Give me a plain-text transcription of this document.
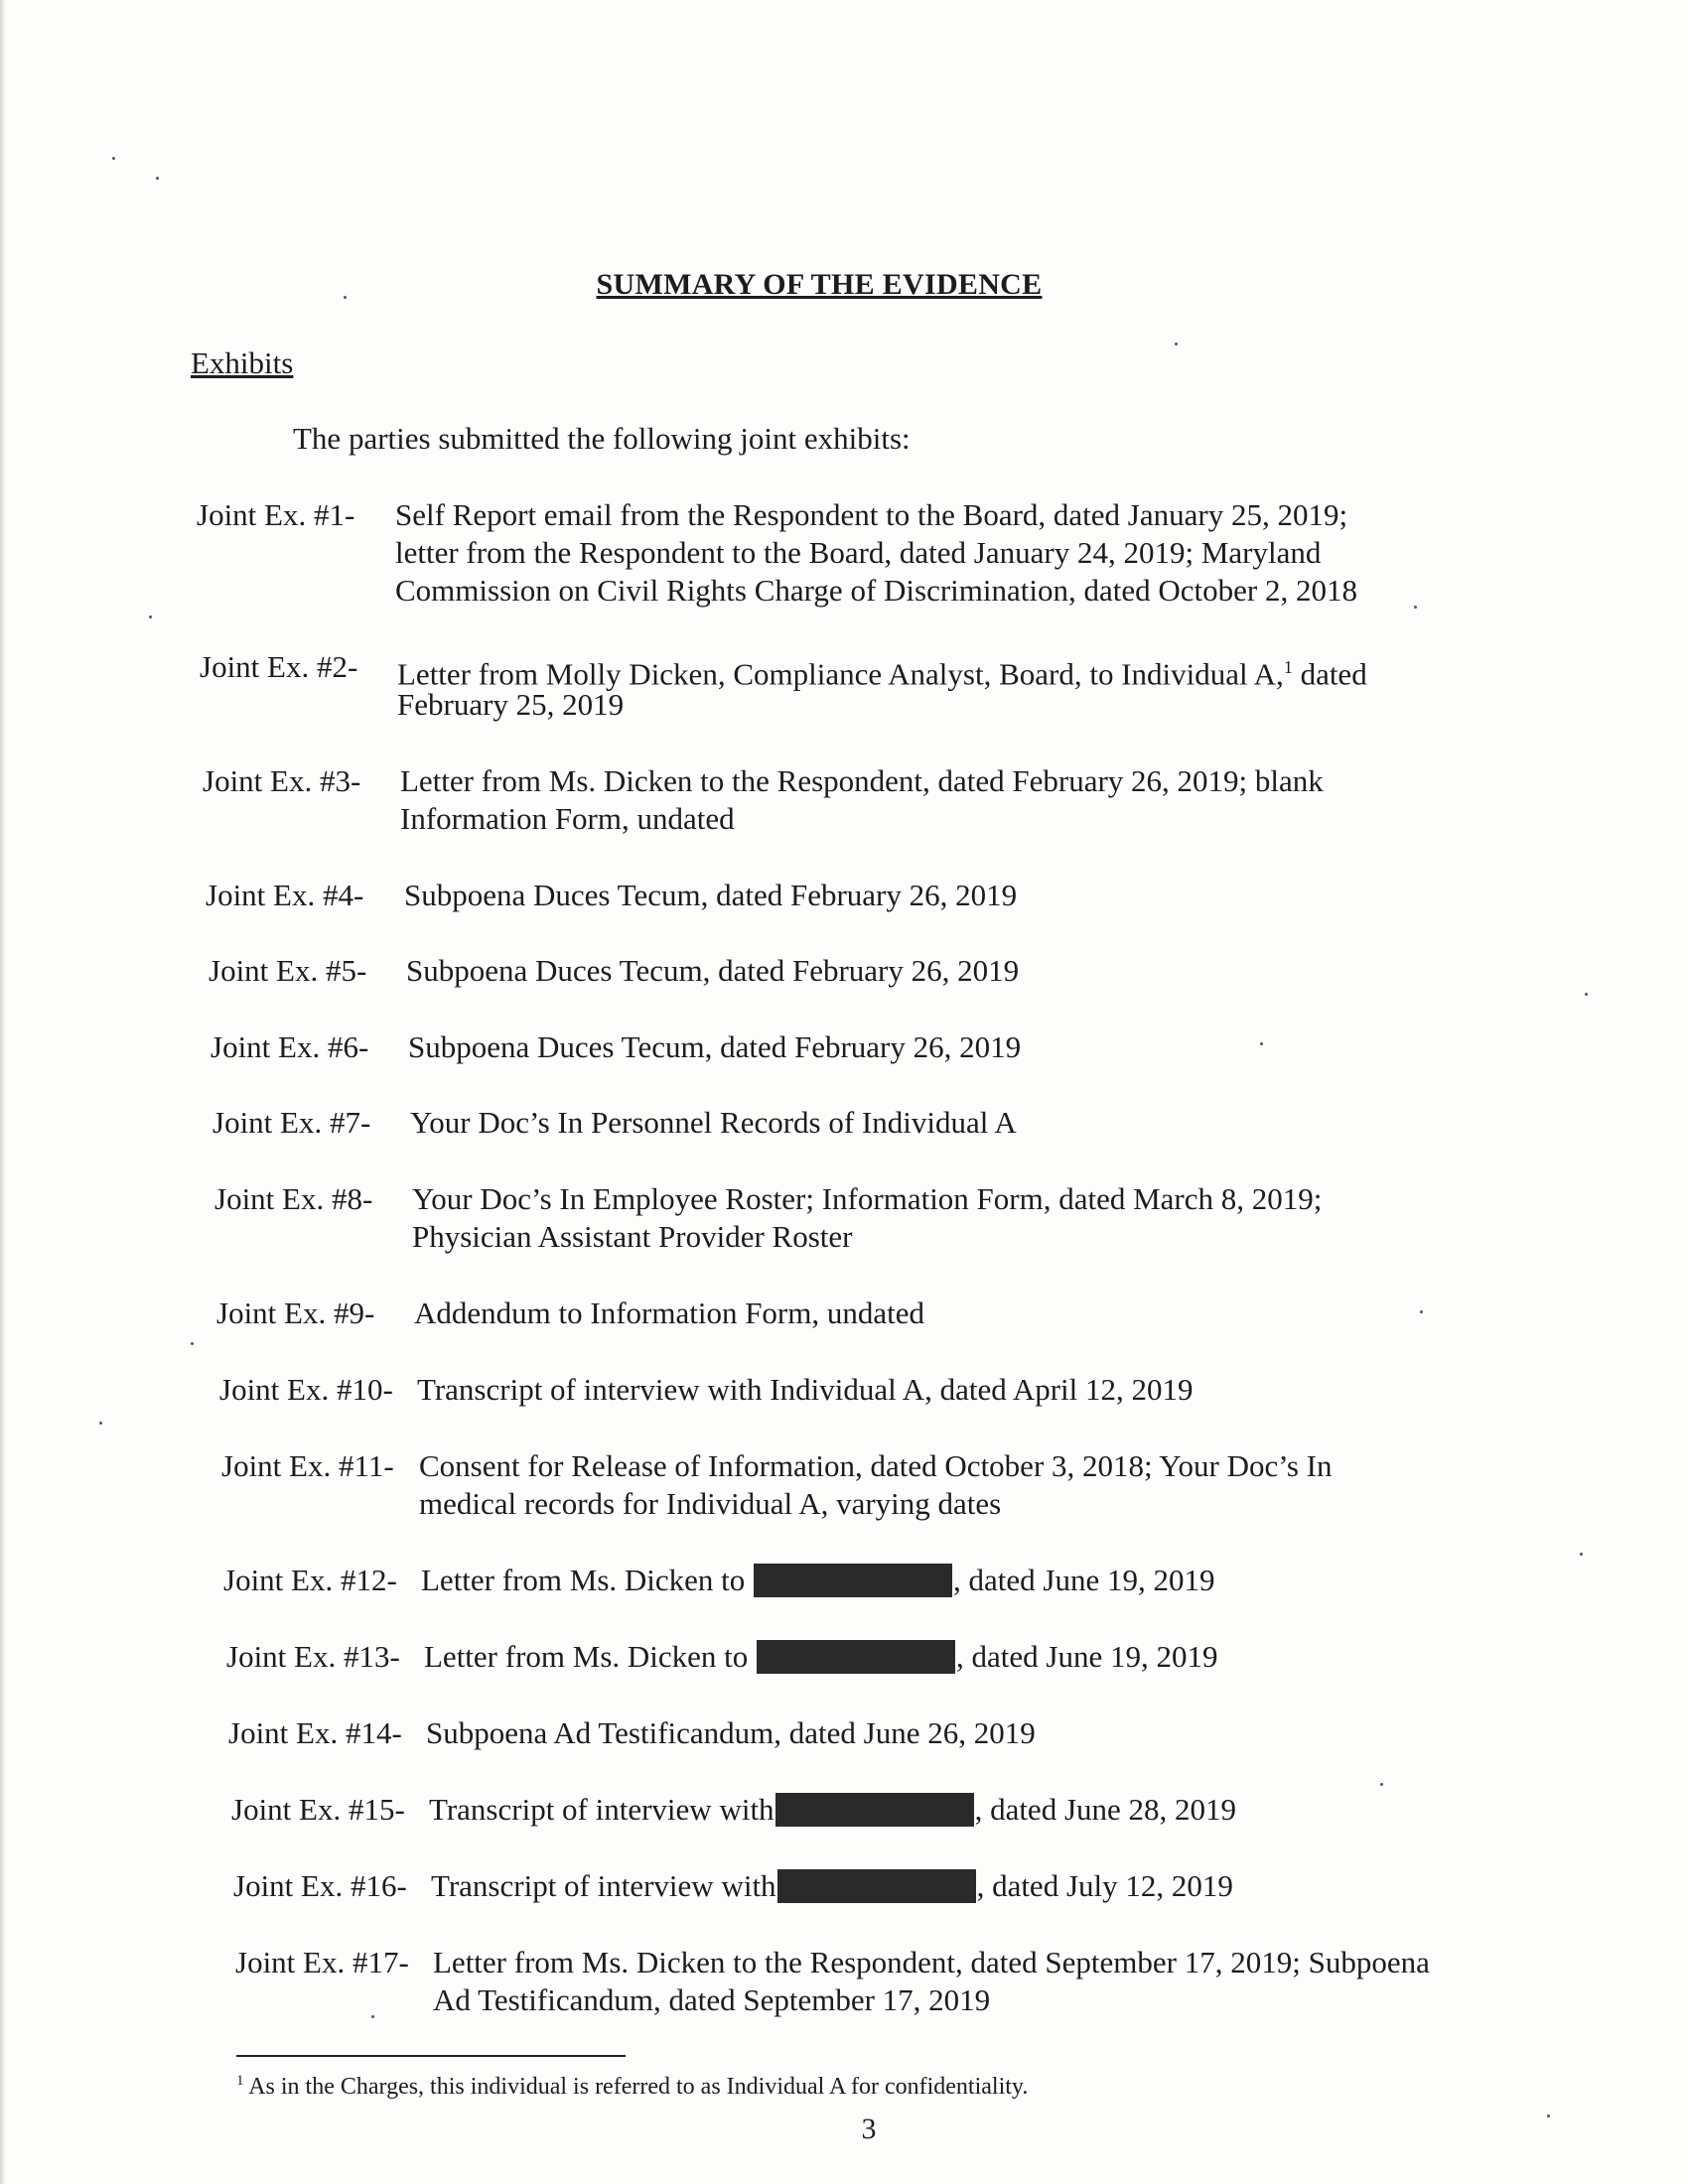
SUMMARY OF THE EVIDENCE
Exhibits
The parties submitted the following joint exhibits:
Joint Ex. #1- Self Report email from the Respondent to the Board, dated January 25, 2019;
letter from the Respondent to the Board, dated January 24, 2019; Maryland
Commission on Civil Rights Charge of Discrimination, dated October 2, 2018
Joint Ex. #2- Letter from Molly Dicken, Compliance Analyst, Board, to Individual A,$^1$ dated
February 25, 2019
Joint Ex. #3- Letter from Ms. Dicken to the Respondent, dated February 26, 2019; blank
Information Form, undated
Joint Ex. #4- Subpoena Duces Tecum, dated February 26, 2019
Joint Ex. #5- Subpoena Duces Tecum, dated February 26, 2019
Joint Ex. #6- Subpoena Duces Tecum, dated February 26, 2019
Joint Ex. #7- Your Doc’s In Personnel Records of Individual A
Joint Ex. #8- Your Doc’s In Employee Roster; Information Form, dated March 8, 2019;
Physician Assistant Provider Roster
Joint Ex. #9- Addendum to Information Form, undated
Joint Ex. #10- Transcript of interview with Individual A, dated April 12, 2019
Joint Ex. #11- Consent for Release of Information, dated October 3, 2018; Your Doc’s In
medical records for Individual A, varying dates
Joint Ex. #12- Letter from Ms. Dicken to	, dated June 19, 2019
Joint Ex. #13- Letter from Ms. Dicken to	, dated June 19, 2019
Joint Ex. #14- Subpoena Ad Testificandum, dated June 26, 2019
Joint Ex. #15- Transcript of interview with	, dated June 28, 2019
Joint Ex. #16- Transcript of interview with	, dated July 12, 2019
Joint Ex. #17- Letter from Ms. Dicken to the Respondent, dated September 17, 2019; Subpoena
Ad Testificandum, dated September 17, 2019
$^1$ As in the Charges, this individual is referred to as Individual A for confidentiality.
3
